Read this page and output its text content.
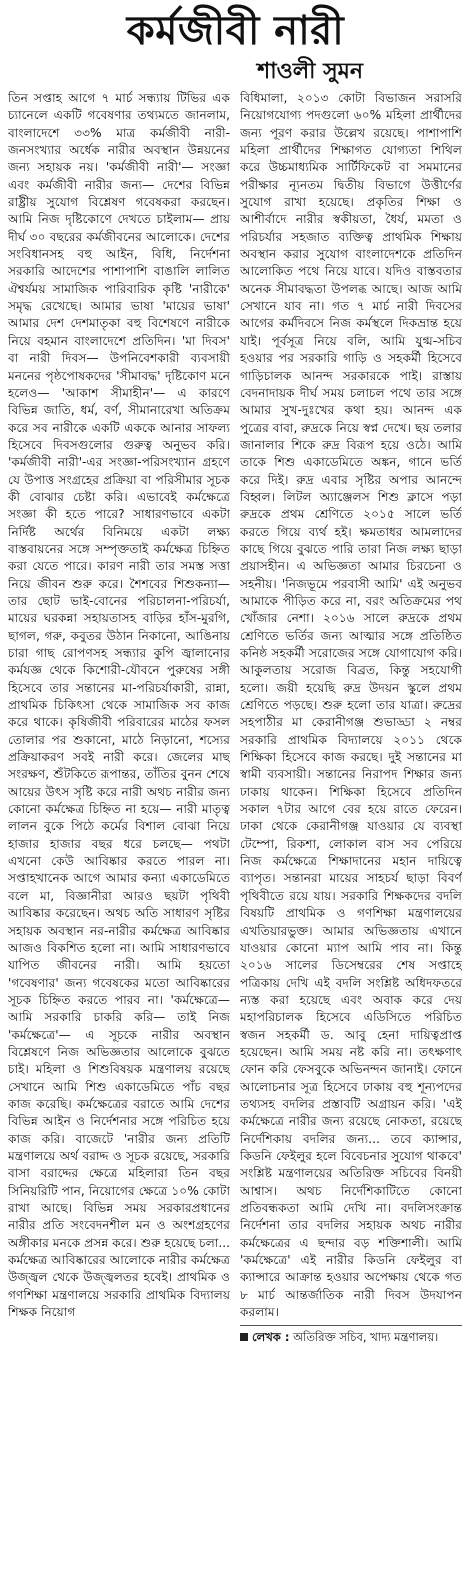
কর্মজীবী নারী
শাওলী সুমন

তিন সপ্তাহ আগে ৭ মার্চ সন্ধ্যায় টিভির এক চ্যানেলে একটি গবেষণার তথ্যমতে জানলাম, বাংলাদেশে ৩৩% মাত্র কর্মজীবী নারী-জনসংখ্যার অর্ধেক নারীর অবস্থান উন্নয়নের জন্য সহায়ক নয়। 'কর্মজীবী নারী'— সংজ্ঞা এবং কর্মজীবী নারীর জন্য— দেশের বিভিন্ন রাষ্ট্রীয় সুযোগ বিশ্লেষণ গবেষকরা করছেন। আমি নিজ দৃষ্টিকোণে দেখতে চাইলাম— প্রায় দীর্ঘ ৩০ বছরের কর্মজীবনের আলোকে। দেশের সংবিধানসহ বহু আইন, বিধি, নির্দেশনা সরকারি আদেশের পাশাপাশি বাঙালি লালিত ঐশ্বর্যময় সামাজিক পারিবারিক কৃষ্টি 'নারীকে' সমৃদ্ধ রেখেছে। আমার ভাষা 'মায়ের ভাষা' আমার দেশ দেশমাতৃকা বহু বিশেষণে নারীকে নিয়ে বহমান বাংলাদেশে প্রতিদিন। 'মা দিবস' বা নারী দিবস— উপনিবেশকারী ব্যবসায়ী মননের পৃষ্ঠপোষকদের 'সীমাবদ্ধ' দৃষ্টিকোণ মনে হলেও— 'আকাশ সীমাহীন'— এ কারণে বিভিন্ন জাতি, ধর্ম, বর্ণ, সীমানারেখা অতিক্রম করে সব নারীকে একটি এককে আনার সাফল্য হিসেবে দিবসগুলোর গুরুত্ব অনুভব করি। 'কর্মজীবী নারী'-এর সংজ্ঞা-পরিসংখ্যান গ্রহণে যে উপাত্ত সংগ্রহের প্রক্রিয়া বা পরিসীমার সূচক কী বোঝার চেষ্টা করি। এভাবেই কর্মক্ষেত্রে সংজ্ঞা কী হতে পারে? সাধারণভাবে একটা নির্দিষ্ট অর্থের বিনিময়ে একটা লক্ষ্য বাস্তবায়নের সঙ্গে সম্পৃক্ততাই কর্মক্ষেত্র চিহ্নিত করা যেতে পারে। কারণ নারী তার সমস্ত সত্তা নিয়ে জীবন শুরু করে। শৈশবের শিশুকন্যা— তার ছোট ভাই-বোনের পরিচালনা-পরিচর্যা, মায়ের ঘরকন্না সহায়তাসহ বাড়ির হাঁস-মুরগি, ছাগল, গরু, কবুতর উঠান নিকানো, আঙিনায় চারা গাছ রোপণসহ সন্ধ্যার কুপি জ্বালানোর কর্মযজ্ঞ থেকে কিশোরী-যৌবনে পুরুষের সঙ্গী হিসেবে তার সন্তানের মা-পরিচর্যাকারী, রান্না, প্রাথমিক চিকিৎসা থেকে সামাজিক সব কাজ করে থাকে। কৃষিজীবী পরিবারের মাঠের ফসল তোলার পর শুকানো, মাঠে নিড়ানো, শস্যের প্রক্রিয়াকরণ সবই নারী করে। জেলের মাছ সংরক্ষণ, শুঁটকিতে রূপান্তর, তাঁতির বুনন শেষে আয়ের উৎস সৃষ্টি করে নারী অথচ নারীর জন্য কোনো কর্মক্ষেত্র চিহ্নিত না হয়ে— নারী মাতৃত্ব লালন বুকে পিঠে কর্মের বিশাল বোঝা নিয়ে হাজার হাজার বছর ধরে চলছে— পথটা এখনো কেউ আবিষ্কার করতে পারল না। সপ্তাহখানেক আগে আমার কন্যা একাডেমিতে বলে মা, বিজ্ঞানীরা আরও ছয়টা পৃথিবী আবিষ্কার করেছেন। অথচ অতি সাধারণ সৃষ্টির সহায়ক অবস্থান নর-নারীর কর্মক্ষেত্র আবিষ্কার আজও বিকশিত হলো না। আমি সাধারণভাবে যাপিত জীবনের নারী। আমি হয়তো 'গবেষণার' জন্য গবেষকের মতো আবিষ্কারের সূচক চিহ্নিত করতে পারব না। 'কর্মক্ষেত্রে— আমি সরকারি চাকরি করি— তাই নিজ 'কর্মক্ষেত্রে'— এ সূচকে নারীর অবস্থান বিশ্লেষণে নিজ অভিজ্ঞতার আলোকে বুঝতে চাই। মহিলা ও শিশুবিষয়ক মন্ত্রণালয় রয়েছে সেখানে আমি শিশু একাডেমিতে পাঁচ বছর কাজ করেছি। কর্মক্ষেত্রের বরাতে আমি দেশের বিভিন্ন আইন ও নির্দেশনার সঙ্গে পরিচিত হয়ে কাজ করি। বাজেটে 'নারীর জন্য প্রতিটি মন্ত্রণালয়ে অর্থ বরাদ্দ ও সূচক রয়েছে, সরকারি বাসা বরাদ্দের ক্ষেত্রে মহিলারা তিন বছর সিনিয়রিটি পান, নিয়োগের ক্ষেত্রে ১০% কোটা রাখা আছে। বিভিন্ন সময় সরকারপ্রধানের নারীর প্রতি সংবেদনশীল মন ও অংশগ্রহণের অঙ্গীকার মনকে প্রসন্ন করে। শুরু হয়েছে চলা... কর্মক্ষেত্র আবিষ্কারের আলোকে নারীর কর্মক্ষেত্র উজ্জ্বল থেকে উজ্জ্বলতর হবেই। প্রাথমিক ও গণশিক্ষা মন্ত্রণালয়ে সরকারি প্রাথমিক বিদ্যালয় শিক্ষক নিয়োগ

বিধিমালা, ২০১৩ কোটা বিভাজন সরাসরি নিয়োগযোগ্য পদগুলো ৬০% মহিলা প্রার্থীদের জন্য পূরণ করার উল্লেখ রয়েছে। পাশাপাশি মহিলা প্রার্থীদের শিক্ষাগত যোগ্যতা শিথিল করে উচ্চমাধ্যমিক সার্টিফিকেট বা সমমানের পরীক্ষার ন্যূনতম দ্বিতীয় বিভাগে উত্তীর্ণের সুযোগ রাখা হয়েছে। প্রকৃতির শিক্ষা ও আশীর্বাদে নারীর স্বকীয়তা, ধৈর্য, মমতা ও পরিচর্যার সহজাত ব্যক্তিত্ব প্রাথমিক শিক্ষায় অবস্থান করার সুযোগ বাংলাদেশকে প্রতিদিন আলোকিত পথে নিয়ে যাবে। যদিও বাস্তবতার অনেক সীমাবদ্ধতা উপলব্ধ আছে। আজ আমি সেখানে যাব না। গত ৭ মার্চ নারী দিবসের আগের কর্মদিবসে নিজ কর্মস্থলে দিকভ্রান্ত হয়ে যাই। পূর্বসূত্র নিয়ে বলি, আমি যুগ্ম-সচিব হওয়ার পর সরকারি গাড়ি ও সহকর্মী হিসেবে গাড়িচালক আনন্দ সরকারকে পাই। রাস্তায় বেদনাদায়ক দীর্ঘ সময় চলাচল পথে তার সঙ্গে আমার সুখ-দুঃখের কথা হয়। আনন্দ এক পুত্রের বাবা, রুদ্রকে নিয়ে স্বপ্ন দেখে। ছয় তলার জানালার শিকে রুদ্র বিরূপ হয়ে ওঠে। আমি তাকে শিশু একাডেমিতে অঙ্কন, গানে ভর্তি করে দিই। রুদ্র এবার সৃষ্টির অপার আনন্দে বিহ্বল। লিটল অ্যাঞ্জেলস শিশু ক্লাসে পড়া রুদ্রকে প্রথম শ্রেণিতে ২০১৫ সালে ভর্তি করতে গিয়ে ব্যর্থ হই। ক্ষমতাধর আমলাদের কাছে গিয়ে বুঝতে পারি তারা নিজ লক্ষ্য ছাড়া প্রয়াসহীন। এ অভিজ্ঞতা আমার চিরচেনা ও সহনীয়। 'নিজভূমে পরবাসী আমি' এই অনুভব আমাকে পীড়িত করে না, বরং অতিক্রমের পথ খোঁজার নেশা। ২০১৬ সালে রুদ্রকে প্রথম শ্রেণিতে ভর্তির জন্য আত্মার সঙ্গে প্রতিষ্ঠিত কনিষ্ঠ সহকর্মী সরোজের সঙ্গে যোগাযোগ করি। আকুলতায় সরোজ বিব্রত, কিন্তু সহযোগী হলো। জয়ী হয়েছি রুদ্র উদয়ন স্কুলে প্রথম শ্রেণিতে পড়ছে। শুরু হলো তার যাত্রা। রুদ্রের সহপাঠীর মা কেরানীগঞ্জ শুভাড্ডা ২ নম্বর সরকারি প্রাথমিক বিদ্যালয়ে ২০১১ থেকে শিক্ষিকা হিসেবে কাজ করছে। দুই সন্তানের মা স্বামী ব্যবসায়ী। সন্তানের নিরাপদ শিক্ষার জন্য ঢাকায় থাকেন। শিক্ষিকা হিসেবে প্রতিদিন সকাল ৭টার আগে বের হয়ে রাতে ফেরেন। ঢাকা থেকে কেরানীগঞ্জ যাওয়ার যে ব্যবস্থা টেম্পো, রিকশা, লোকাল বাস সব পেরিয়ে নিজ কর্মক্ষেত্রে শিক্ষাদানের মহান দায়িত্বে ব্যাপৃত। সন্তানরা মায়ের সাহচর্য ছাড়া বিবর্ণ পৃথিবীতে রয়ে যায়। সরকারি শিক্ষকদের বদলি বিষয়টি প্রাথমিক ও গণশিক্ষা মন্ত্রণালয়ের এখতিয়ারভুক্ত। আমার অভিজ্ঞতায় এখানে যাওয়ার কোনো ম্যাপ আমি পাব না। কিন্তু ২০১৬ সালের ডিসেম্বরের শেষ সপ্তাহে পত্রিকায় দেখি এই বদলি সংশ্লিষ্ট অধিদফতরে ন্যস্ত করা হয়েছে এবং অবাক করে দেয় মহাপরিচালক হিসেবে এডিসিতে পরিচিত স্বজন সহকর্মী ড. আবু হেনা দায়িত্বপ্রাপ্ত হয়েছেন। আমি সময় নষ্ট করি না। তৎক্ষণাৎ ফোন করি ফেসবুকে অভিনন্দন জানাই। ফোনে আলোচনার সূত্র হিসেবে ঢাকায় বহু শূন্যপদের তথ্যসহ বদলির প্রস্তাবটি অগ্রায়ন করি। 'এই কর্মক্ষেত্রে নারীর জন্য রয়েছে নোকতা, রয়েছে নির্দেশিকায় বদলির জন্য... তবে ক্যান্সার, কিডনি ফেইলুর হলে বিবেচনার সুযোগ থাকবে' সংশ্লিষ্ট মন্ত্রণালয়ের অতিরিক্ত সচিবের বিনয়ী আশ্বাস। অথচ নির্দেশিকাটিতে কোনো প্রতিবন্ধকতা আমি দেখি না। বদলিসংক্রান্ত নির্দেশনা তার বদলির সহায়ক অথচ নারীর কর্মক্ষেত্রের এ ছন্দার বড় শক্তিশালী। আমি 'কর্মক্ষেত্রে' এই নারীর কিডনি ফেইলুর বা ক্যান্সারে আক্রান্ত হওয়ার অপেক্ষায় থেকে গত ৮ মার্চ আন্তর্জাতিক নারী দিবস উদযাপন করলাম।

লেখক : অতিরিক্ত সচিব, খাদ্য মন্ত্রণালয়।
